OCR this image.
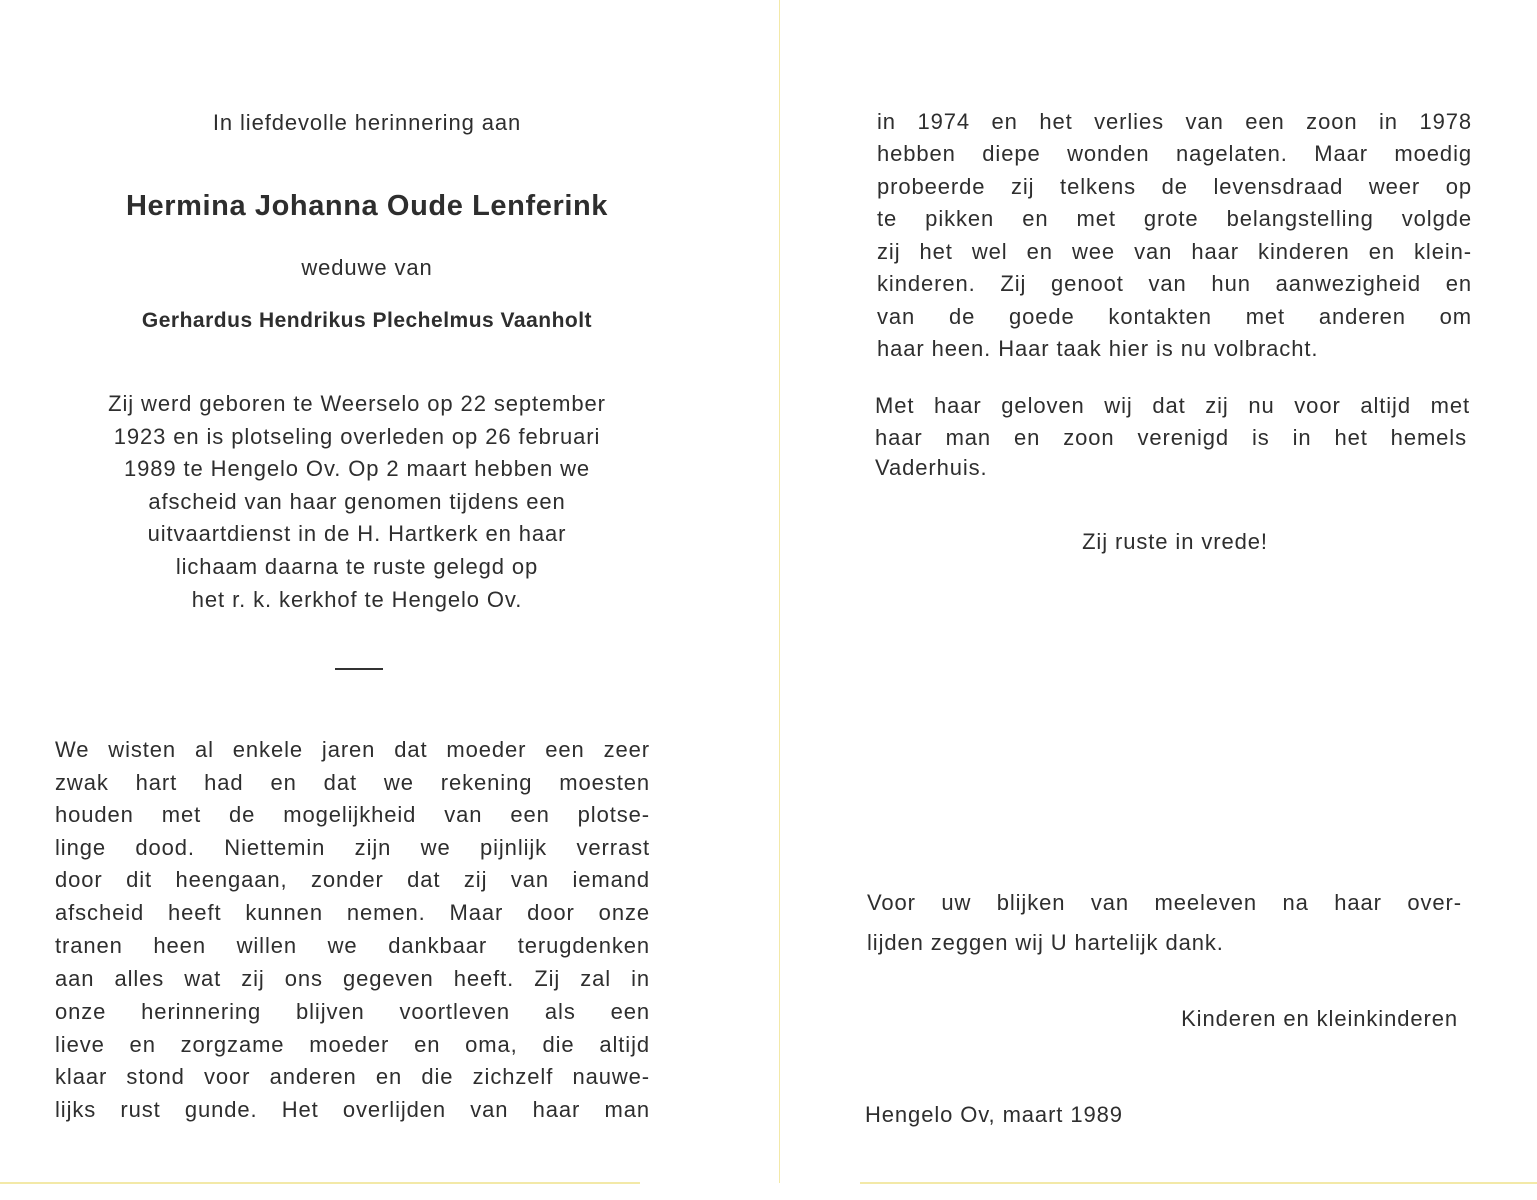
In liefdevolle herinnering aan
Hermina Johanna Oude Lenferink
weduwe van
Gerhardus Hendrikus Plechelmus Vaanholt
Zij werd geboren te Weerselo op 22 september
1923 en is plotseling overleden op 26 februari
1989 te Hengelo Ov. Op 2 maart hebben we
afscheid van haar genomen tijdens een
uitvaartdienst in de H. Hartkerk en haar
lichaam daarna te ruste gelegd op
het r. k. kerkhof te Hengelo Ov.
We wisten al enkele jaren dat moeder een zeer
zwak hart had en dat we rekening moesten
houden met de mogelijkheid van een plotse-
linge dood. Niettemin zijn we pijnlijk verrast
door dit heengaan, zonder dat zij van iemand
afscheid heeft kunnen nemen. Maar door onze
tranen heen willen we dankbaar terugdenken
aan alles wat zij ons gegeven heeft. Zij zal in
onze herinnering blijven voortleven als een
lieve en zorgzame moeder en oma, die altijd
klaar stond voor anderen en die zichzelf nauwe-
lijks rust gunde. Het overlijden van haar man
in 1974 en het verlies van een zoon in 1978
hebben diepe wonden nagelaten. Maar moedig
probeerde zij telkens de levensdraad weer op
te pikken en met grote belangstelling volgde
zij het wel en wee van haar kinderen en klein-
kinderen. Zij genoot van hun aanwezigheid en
van de goede kontakten met anderen om
haar heen. Haar taak hier is nu volbracht.
Met haar geloven wij dat zij nu voor altijd met
haar man en zoon verenigd is in het hemels
Vaderhuis.
Zij ruste in vrede!
Voor uw blijken van meeleven na haar over-
lijden zeggen wij U hartelijk dank.
Kinderen en kleinkinderen
Hengelo Ov, maart 1989
